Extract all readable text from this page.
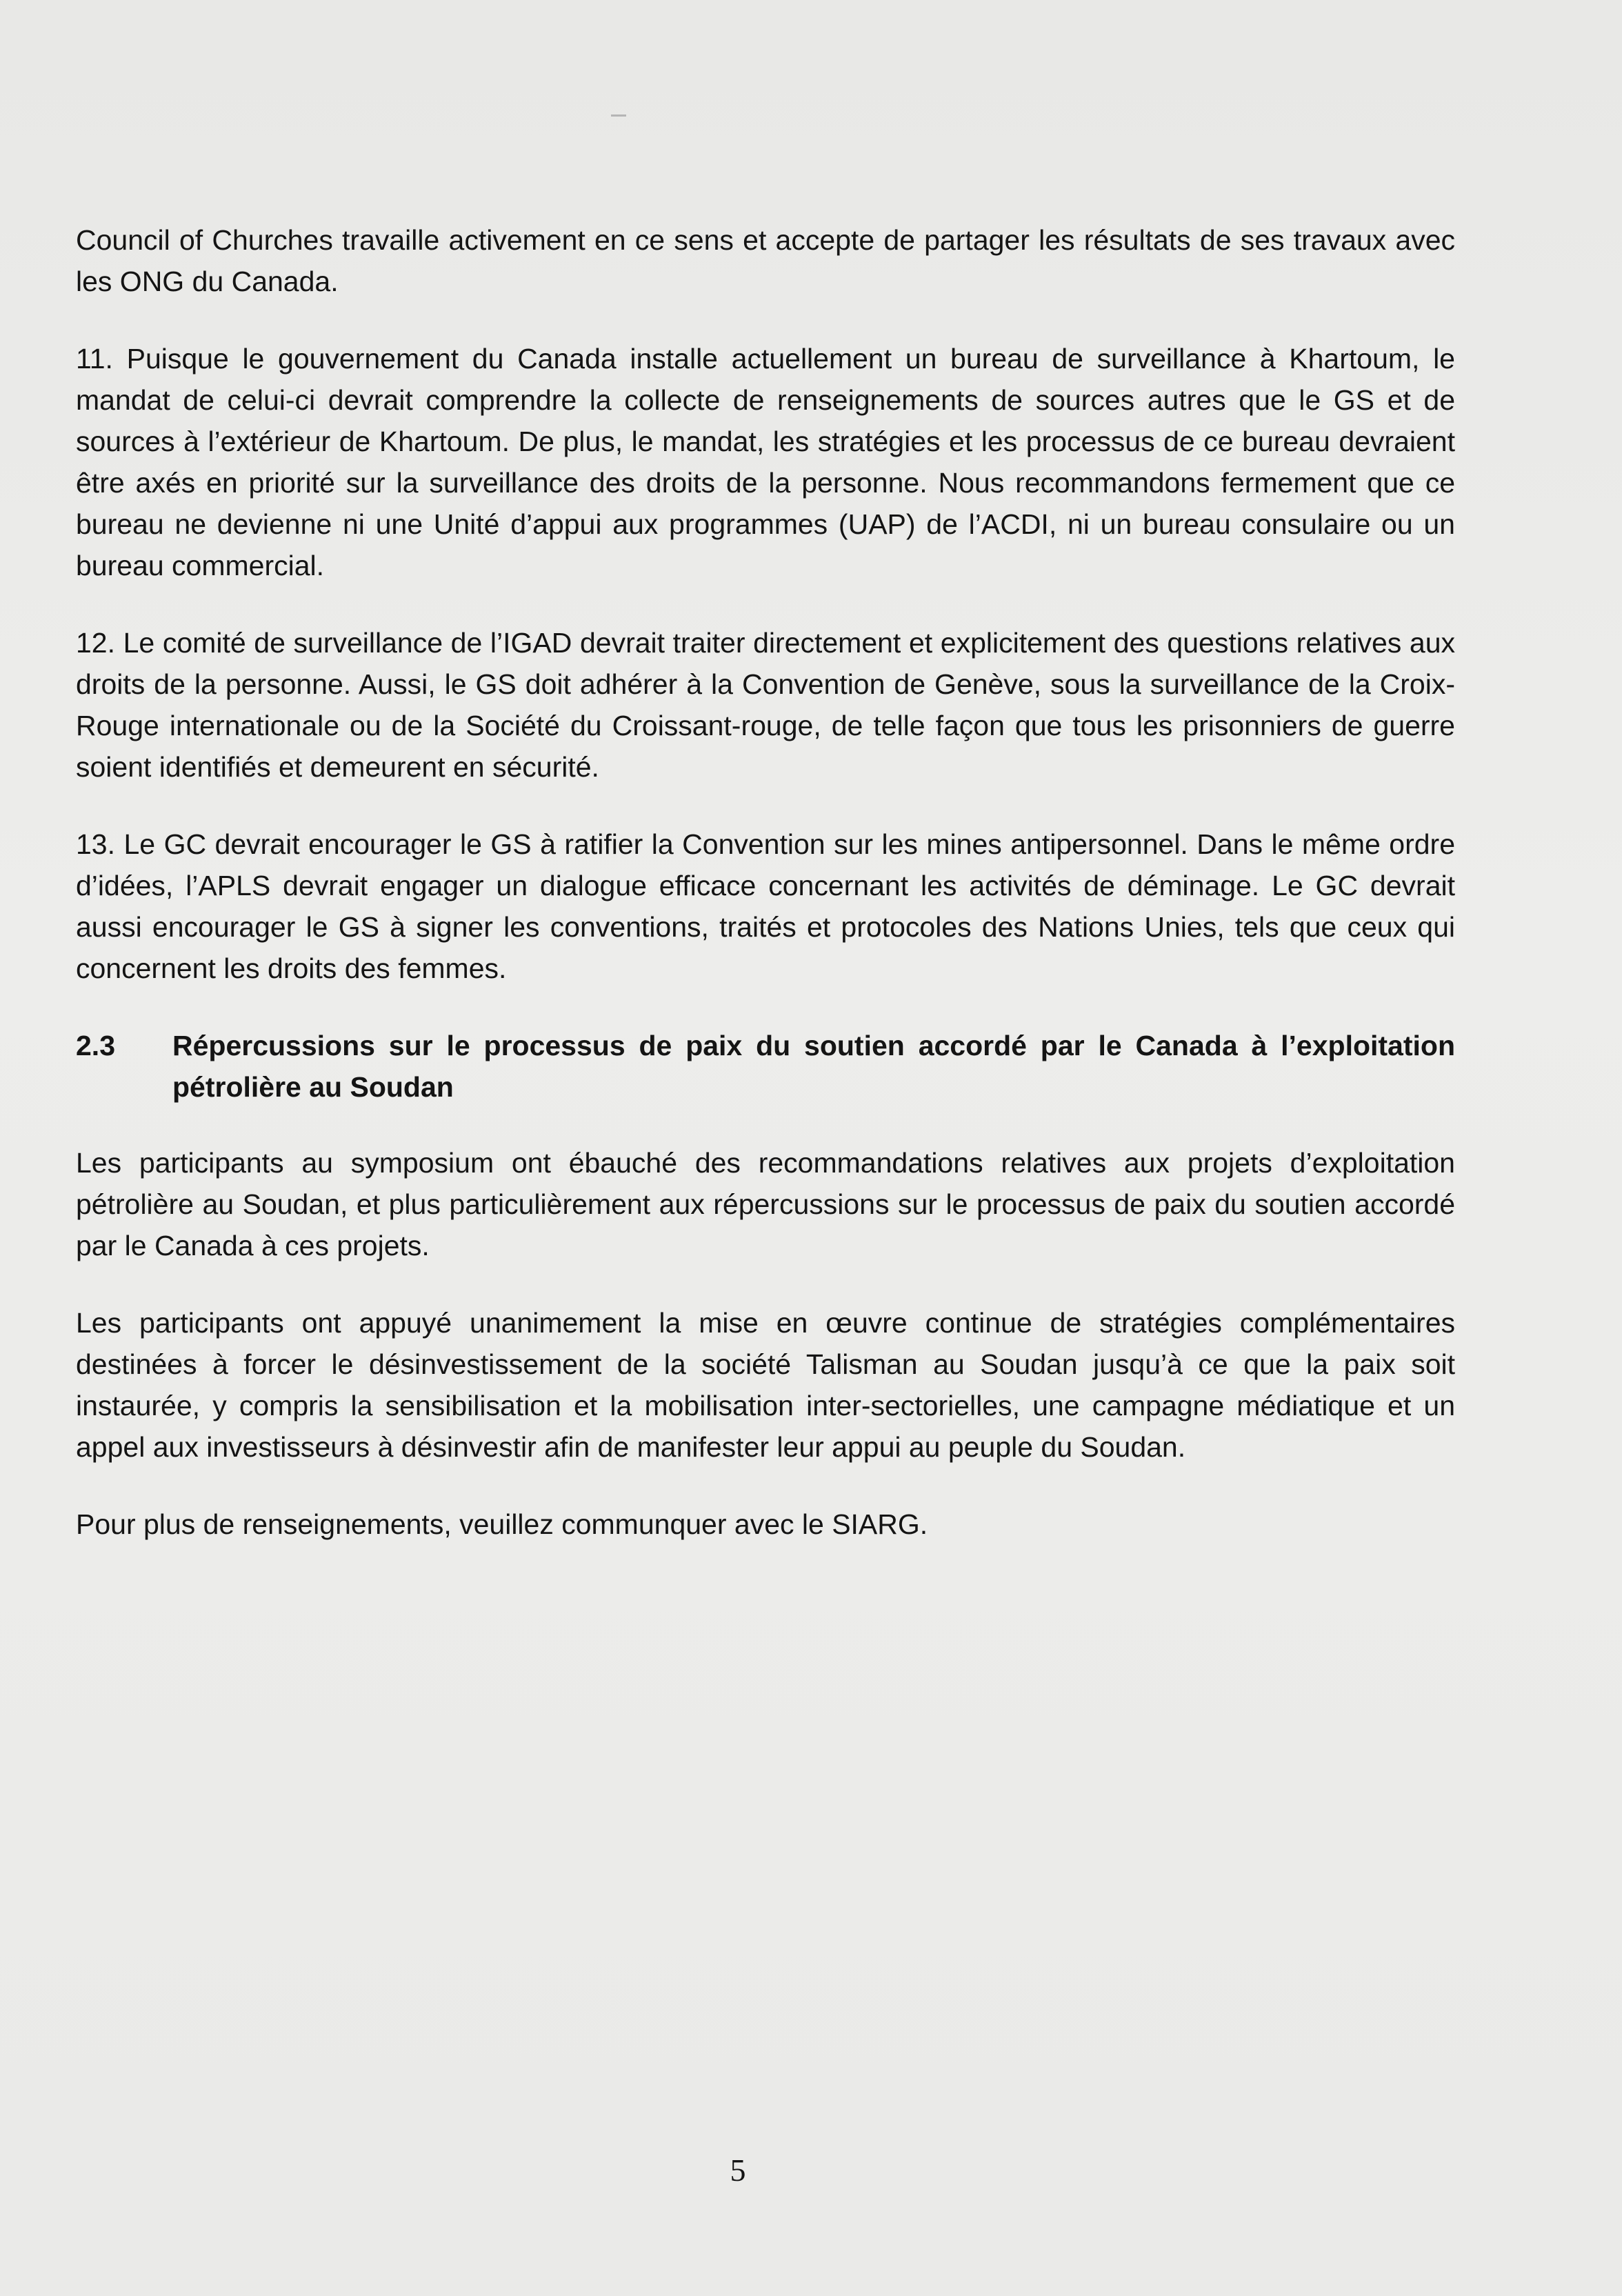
Council of Churches travaille activement en ce sens et accepte de partager les résultats de ses travaux avec les ONG du Canada.

11. Puisque le gouvernement du Canada installe actuellement un bureau de surveillance à Khartoum, le mandat de celui-ci devrait comprendre la collecte de renseignements de sources autres que le GS et de sources à l’extérieur de Khartoum. De plus, le mandat, les stratégies et les processus de ce bureau devraient être axés en priorité sur la surveillance des droits de la personne. Nous recommandons fermement que ce bureau ne devienne ni une Unité d’appui aux programmes (UAP) de l’ACDI, ni un bureau consulaire ou un bureau commercial.

12. Le comité de surveillance de l’IGAD devrait traiter directement et explicitement des questions relatives aux droits de la personne. Aussi, le GS doit adhérer à la Convention de Genève, sous la surveillance de la Croix-Rouge internationale ou de la Société du Croissant-rouge, de telle façon que tous les prisonniers de guerre soient identifiés et demeurent en sécurité.

13. Le GC devrait encourager le GS à ratifier la Convention sur les mines antipersonnel. Dans le même ordre d’idées, l’APLS devrait engager un dialogue efficace concernant les activités de déminage. Le GC devrait aussi encourager le GS à signer les conventions, traités et protocoles des Nations Unies, tels que ceux qui concernent les droits des femmes.

2.3	Répercussions sur le processus de paix du soutien accordé par le Canada à l’exploitation pétrolière au Soudan

Les participants au symposium ont ébauché des recommandations relatives aux projets d’exploitation pétrolière au Soudan, et plus particulièrement aux répercussions sur le processus de paix du soutien accordé par le Canada à ces projets.

Les participants ont appuyé unanimement la mise en œuvre continue de stratégies complémentaires destinées à forcer le désinvestissement de la société Talisman au Soudan jusqu’à ce que la paix soit instaurée, y compris la sensibilisation et la mobilisation inter-sectorielles, une campagne médiatique et un appel aux investisseurs à désinvestir afin de manifester leur appui au peuple du Soudan.

Pour plus de renseignements, veuillez communquer avec le SIARG.

5
